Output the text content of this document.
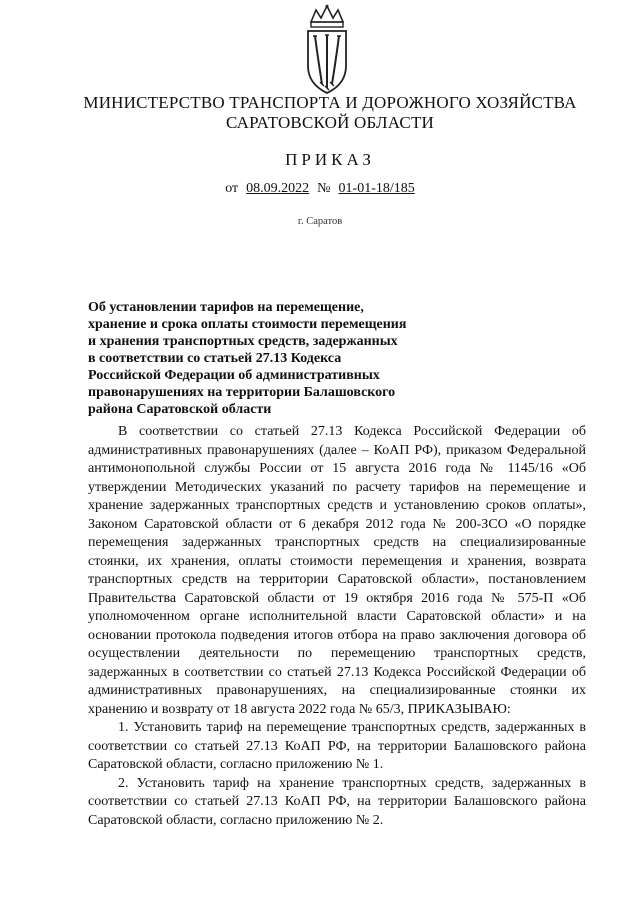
МИНИСТЕРСТВО ТРАНСПОРТА И ДОРОЖНОГО ХОЗЯЙСТВА
САРАТОВСКОЙ ОБЛАСТИ
ПРИКАЗ
от 08.09.2022 № 01-01-18/185
г. Саратов

Об установлении тарифов на перемещение, хранение и срока оплаты стоимости перемещения и хранения транспортных средств, задержанных в соответствии со статьей 27.13 Кодекса Российской Федерации об административных правонарушениях на территории Балашовского района Саратовской области

В соответствии со статьей 27.13 Кодекса Российской Федерации об административных правонарушениях (далее – КоАП РФ), приказом Федеральной антимонопольной службы России от 15 августа 2016 года № 1145/16 «Об утверждении Методических указаний по расчету тарифов на перемещение и хранение задержанных транспортных средств и установлению сроков оплаты», Законом Саратовской области от 6 декабря 2012 года № 200-ЗСО «О порядке перемещения задержанных транспортных средств на специализированные стоянки, их хранения, оплаты стоимости перемещения и хранения, возврата транспортных средств на территории Саратовской области», постановлением Правительства Саратовской области от 19 октября 2016 года № 575-П «Об уполномоченном органе исполнительной власти Саратовской области» и на основании протокола подведения итогов отбора на право заключения договора об осуществлении деятельности по перемещению транспортных средств, задержанных в соответствии со статьей 27.13 Кодекса Российской Федерации об административных правонарушениях, на специализированные стоянки их хранению и возврату от 18 августа 2022 года № 65/3, ПРИКАЗЫВАЮ:

1. Установить тариф на перемещение транспортных средств, задержанных в соответствии со статьей 27.13 КоАП РФ, на территории Балашовского района Саратовской области, согласно приложению № 1.

2. Установить тариф на хранение транспортных средств, задержанных в соответствии со статьей 27.13 КоАП РФ, на территории Балашовского района Саратовской области, согласно приложению № 2.
